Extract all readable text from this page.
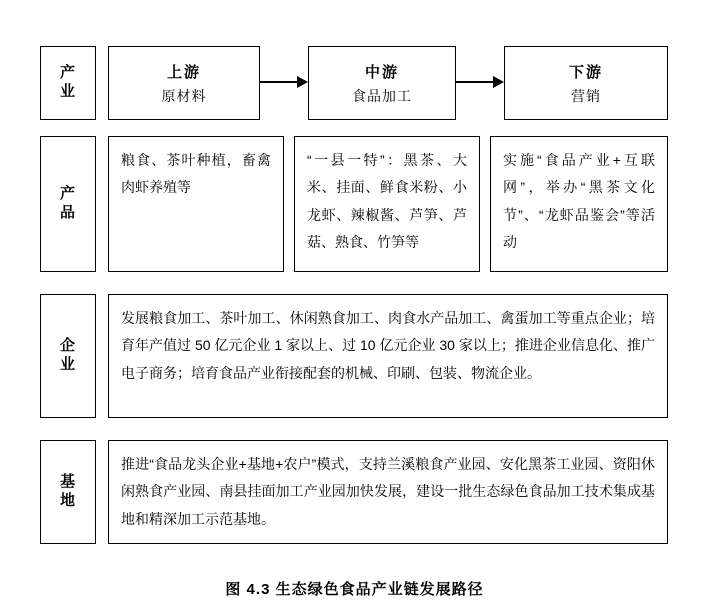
产
业
上游
原材料
中游
食品加工
下游
营销
产
品
粮食、茶叶种植，畜禽肉虾养殖等
“一县一特”：黑茶、大米、挂面、鲜食米粉、小龙虾、辣椒酱、芦笋、芦菇、熟食、竹笋等
实施“食品产业+互联网”，举办“黑茶文化节”、“龙虾品鉴会”等活动
企
业
发展粮食加工、茶叶加工、休闲熟食加工、肉食水产品加工、禽蛋加工等重点企业；培育年产值过 50 亿元企业 1 家以上、过 10 亿元企业 30 家以上；推进企业信息化、推广电子商务；培育食品产业衔接配套的机械、印刷、包装、物流企业。
基
地
推进“食品龙头企业+基地+农户”模式，支持兰溪粮食产业园、安化黑茶工业园、资阳休闲熟食产业园、南县挂面加工产业园加快发展，建设一批生态绿色食品加工技术集成基地和精深加工示范基地。
图 4.3 生态绿色食品产业链发展路径
